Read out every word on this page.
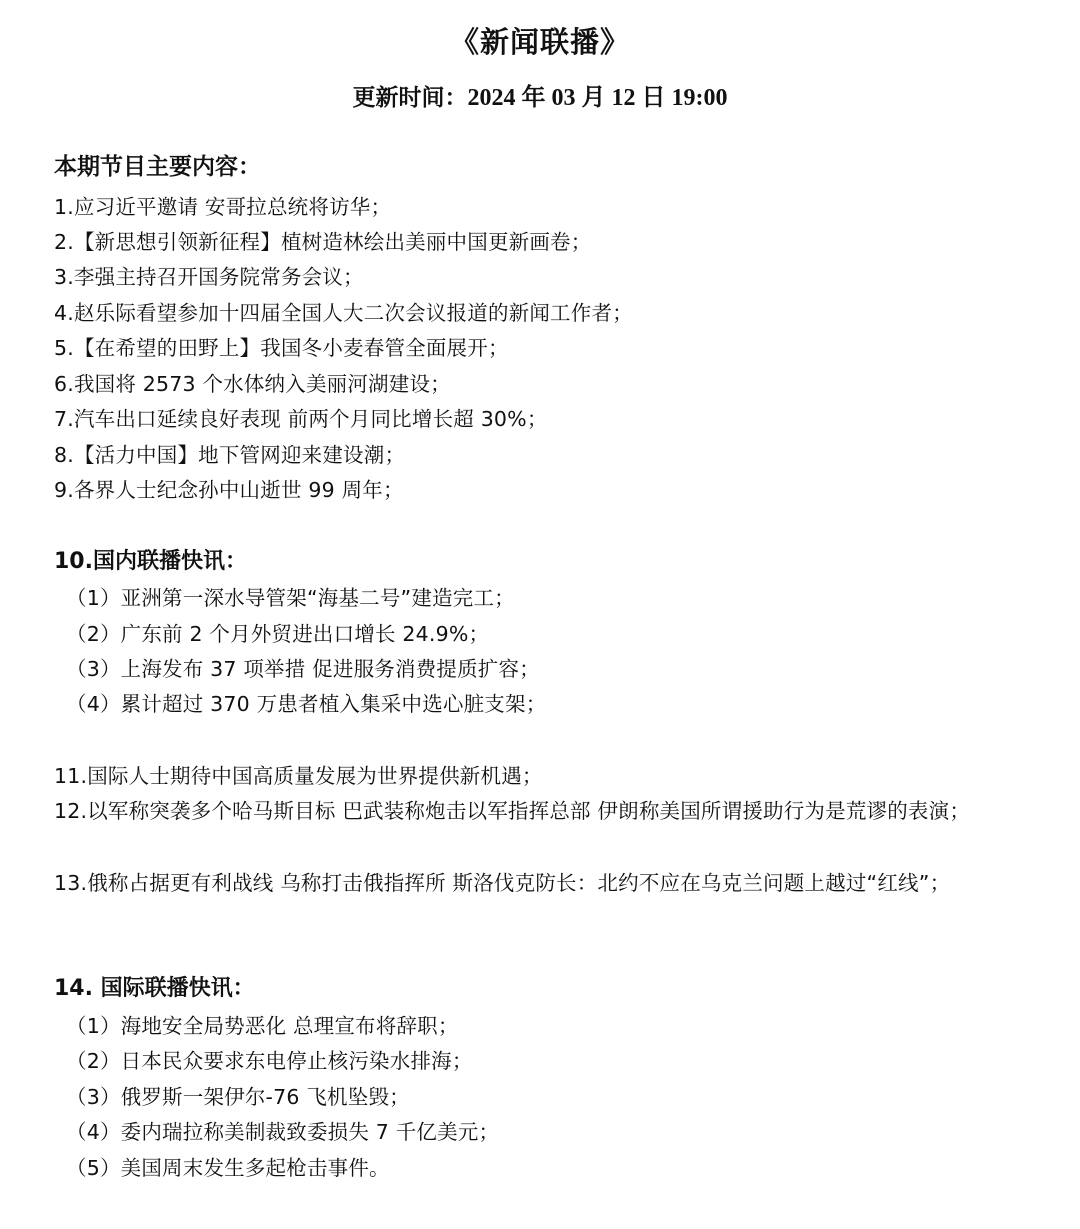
《新闻联播》
更新时间：2024 年 03 月 12 日 19:00
本期节目主要内容：
1.应习近平邀请 安哥拉总统将访华；
2.【新思想引领新征程】植树造林绘出美丽中国更新画卷；
3.李强主持召开国务院常务会议；
4.赵乐际看望参加十四届全国人大二次会议报道的新闻工作者；
5.【在希望的田野上】我国冬小麦春管全面展开；
6.我国将 2573 个水体纳入美丽河湖建设；
7.汽车出口延续良好表现 前两个月同比增长超 30%；
8.【活力中国】地下管网迎来建设潮；
9.各界人士纪念孙中山逝世 99 周年；
10.国内联播快讯：
（1）亚洲第一深水导管架“海基二号”建造完工；
（2）广东前 2 个月外贸进出口增长 24.9%；
（3）上海发布 37 项举措 促进服务消费提质扩容；
（4）累计超过 370 万患者植入集采中选心脏支架；
11.国际人士期待中国高质量发展为世界提供新机遇；
12.以军称突袭多个哈马斯目标 巴武装称炮击以军指挥总部 伊朗称美国所谓援助行为是荒谬的表演；
13.俄称占据更有利战线 乌称打击俄指挥所 斯洛伐克防长：北约不应在乌克兰问题上越过“红线”；
14. 国际联播快讯：
（1）海地安全局势恶化 总理宣布将辞职；
（2）日本民众要求东电停止核污染水排海；
（3）俄罗斯一架伊尔-76 飞机坠毁；
（4）委内瑞拉称美制裁致委损失 7 千亿美元；
（5）美国周末发生多起枪击事件。
